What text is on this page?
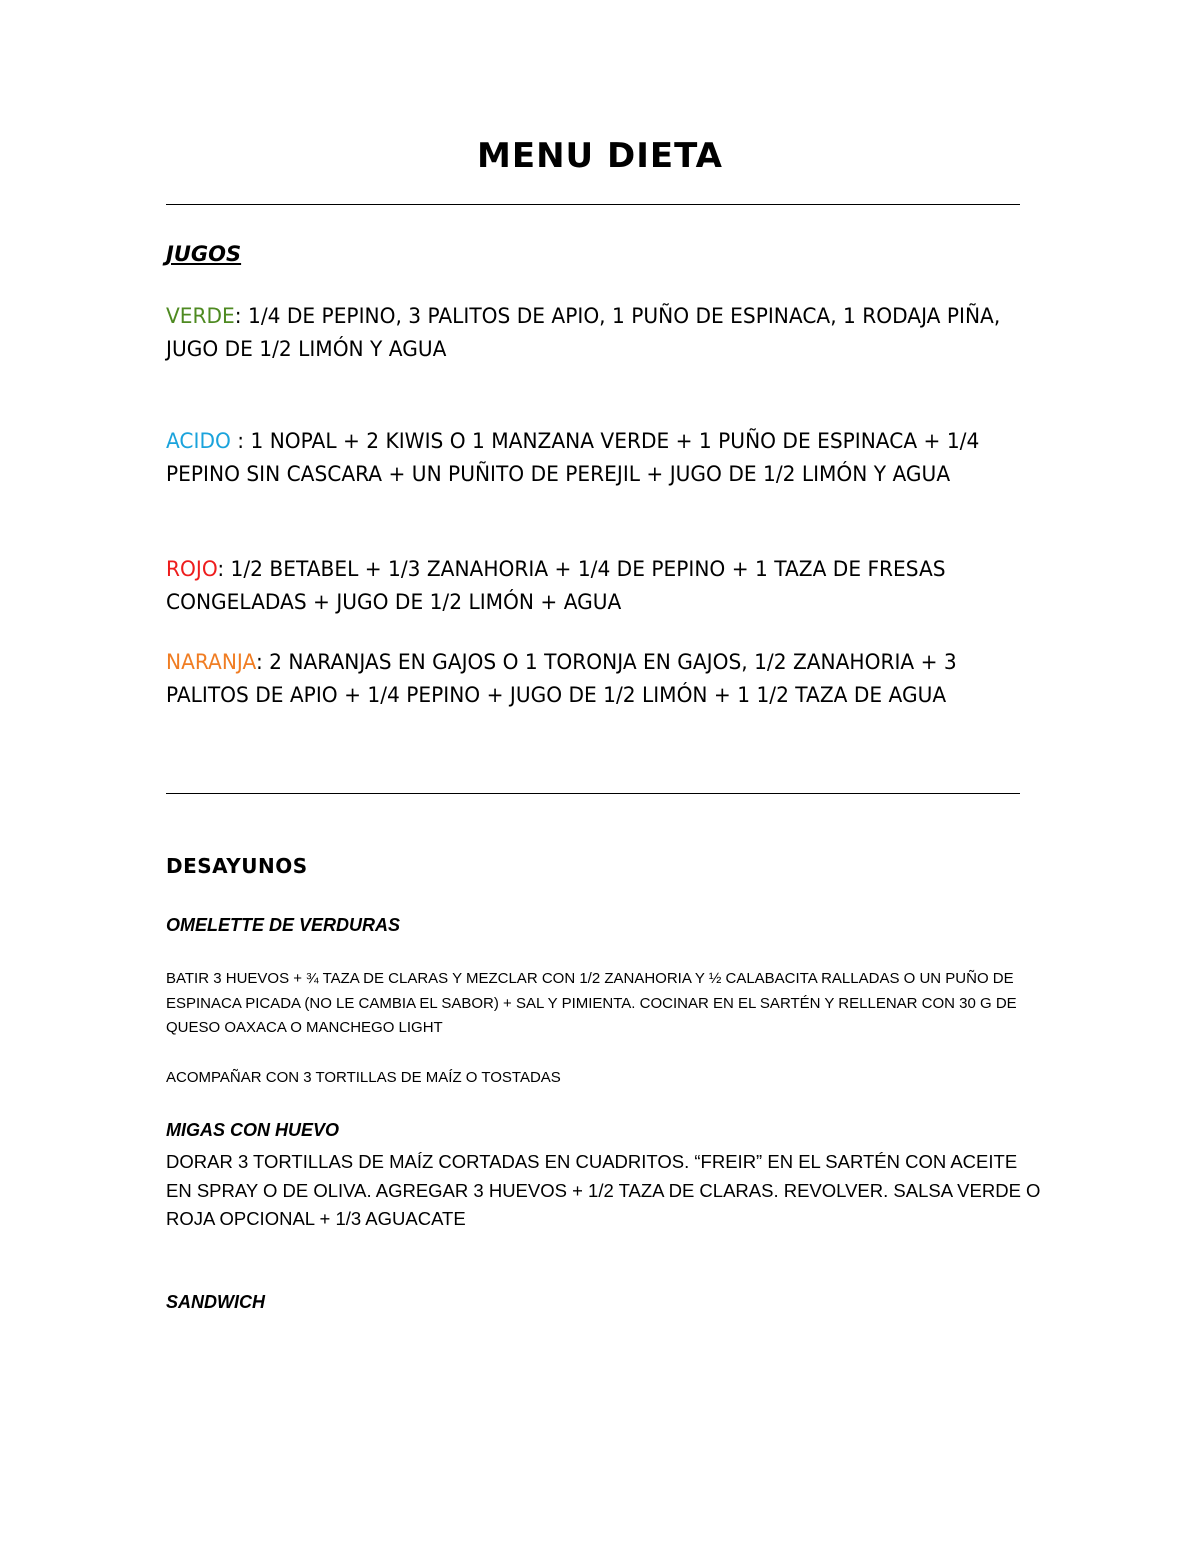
MENU DIETA
JUGOS
VERDE: 1/4 DE PEPINO, 3 PALITOS DE APIO, 1 PUÑO DE ESPINACA, 1 RODAJA PIÑA, JUGO DE 1/2 LIMÓN Y AGUA
ACIDO : 1 NOPAL + 2 KIWIS O 1 MANZANA VERDE + 1 PUÑO DE ESPINACA + 1/4 PEPINO SIN CASCARA + UN PUÑITO DE PEREJIL + JUGO DE 1/2 LIMÓN Y AGUA
ROJO: 1/2 BETABEL + 1/3 ZANAHORIA + 1/4 DE PEPINO + 1 TAZA DE FRESAS CONGELADAS + JUGO DE 1/2 LIMÓN + AGUA
NARANJA: 2 NARANJAS EN GAJOS O 1 TORONJA EN GAJOS, 1/2 ZANAHORIA + 3 PALITOS DE APIO + 1/4 PEPINO + JUGO DE 1/2 LIMÓN + 1 1/2 TAZA DE AGUA
DESAYUNOS
OMELETTE DE VERDURAS
BATIR 3 HUEVOS + ¾ TAZA DE CLARAS Y MEZCLAR CON 1/2 ZANAHORIA Y ½ CALABACITA RALLADAS O UN PUÑO DE ESPINACA PICADA (NO LE CAMBIA EL SABOR) + SAL Y PIMIENTA. COCINAR EN EL SARTÉN Y RELLENAR CON 30 G DE QUESO OAXACA O MANCHEGO LIGHT
ACOMPAÑAR CON 3 TORTILLAS DE MAÍZ O TOSTADAS
MIGAS CON HUEVO
DORAR 3 TORTILLAS DE MAÍZ CORTADAS EN CUADRITOS. “FREIR” EN EL SARTÉN CON ACEITE EN SPRAY O DE OLIVA. AGREGAR 3 HUEVOS + 1/2 TAZA DE CLARAS. REVOLVER. SALSA VERDE O ROJA OPCIONAL + 1/3 AGUACATE
SANDWICH
